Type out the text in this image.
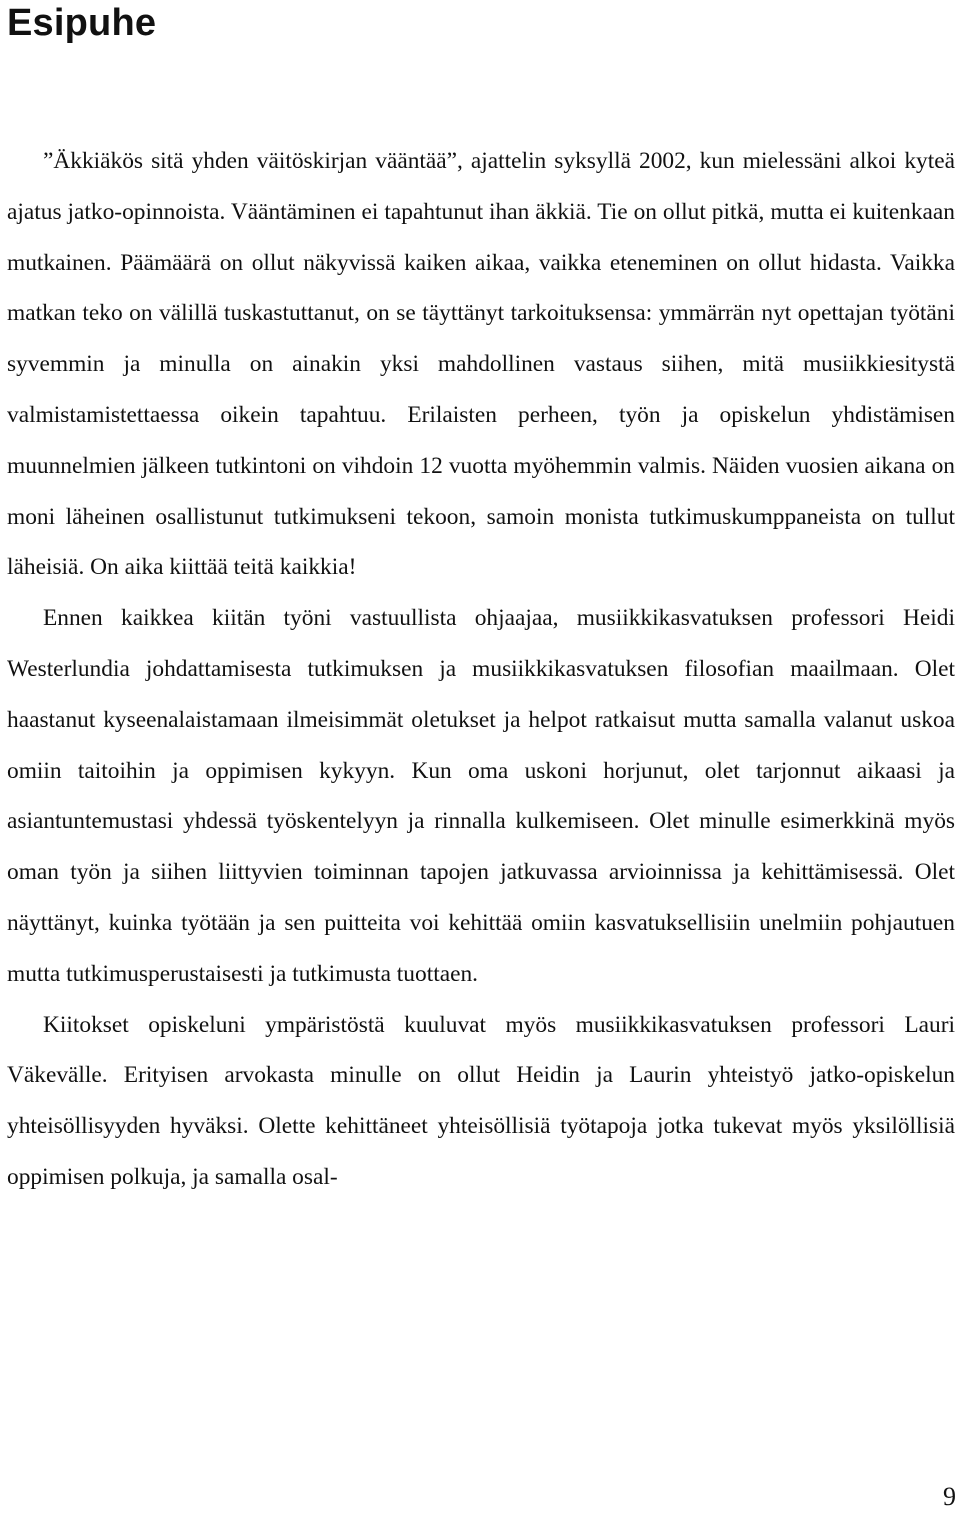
Esipuhe

”Äkkiäkös sitä yhden väitöskirjan vääntää”, ajattelin syksyllä 2002, kun mielessäni alkoi kyteä ajatus jatko-opinnoista. Vääntäminen ei tapahtunut ihan äkkiä. Tie on ollut pitkä, mutta ei kuitenkaan mutkainen. Päämäärä on ollut näkyvissä kaiken aikaa, vaikka eteneminen on ollut hidasta. Vaikka matkan teko on välillä tuskastuttanut, on se täyttänyt tarkoituksensa: ymmärrän nyt opettajan työtäni syvemmin ja minulla on ainakin yksi mahdollinen vastaus siihen, mitä musiikkiesitystä valmistamistettaessa oikein tapahtuu. Erilaisten perheen, työn ja opiskelun yhdistämisen muunnelmien jälkeen tutkintoni on vihdoin 12 vuotta myöhemmin valmis. Näiden vuosien aikana on moni läheinen osallistunut tutkimukseni tekoon, samoin monista tutkimuskumppaneista on tullut läheisiä. On aika kiittää teitä kaikkia!

Ennen kaikkea kiitän työni vastuullista ohjaajaa, musiikkikasvatuksen professori Heidi Westerlundia johdattamisesta tutkimuksen ja musiikkikasvatuksen filosofian maailmaan. Olet haastanut kyseenalaistamaan ilmeisimmät oletukset ja helpot ratkaisut mutta samalla valanut uskoa omiin taitoihin ja oppimisen kykyyn. Kun oma uskoni horjunut, olet tarjonnut aikaasi ja asiantuntemustasi yhdessä työskentelyyn ja rinnalla kulkemiseen. Olet minulle esimerkkinä myös oman työn ja siihen liittyvien toiminnan tapojen jatkuvassa arvioinnissa ja kehittämisessä. Olet näyttänyt, kuinka työtään ja sen puitteita voi kehittää omiin kasvatuksellisiin unelmiin pohjautuen mutta tutkimusperustaisesti ja tutkimusta tuottaen.

Kiitokset opiskeluni ympäristöstä kuuluvat myös musiikkikasvatuksen professori Lauri Väkevälle. Erityisen arvokasta minulle on ollut Heidin ja Laurin yhteistyö jatko-opiskelun yhteisöllisyyden hyväksi. Olette kehittäneet yhteisöllisiä työtapoja jotka tukevat myös yksilöllisiä oppimisen polkuja, ja samalla osal-

9
